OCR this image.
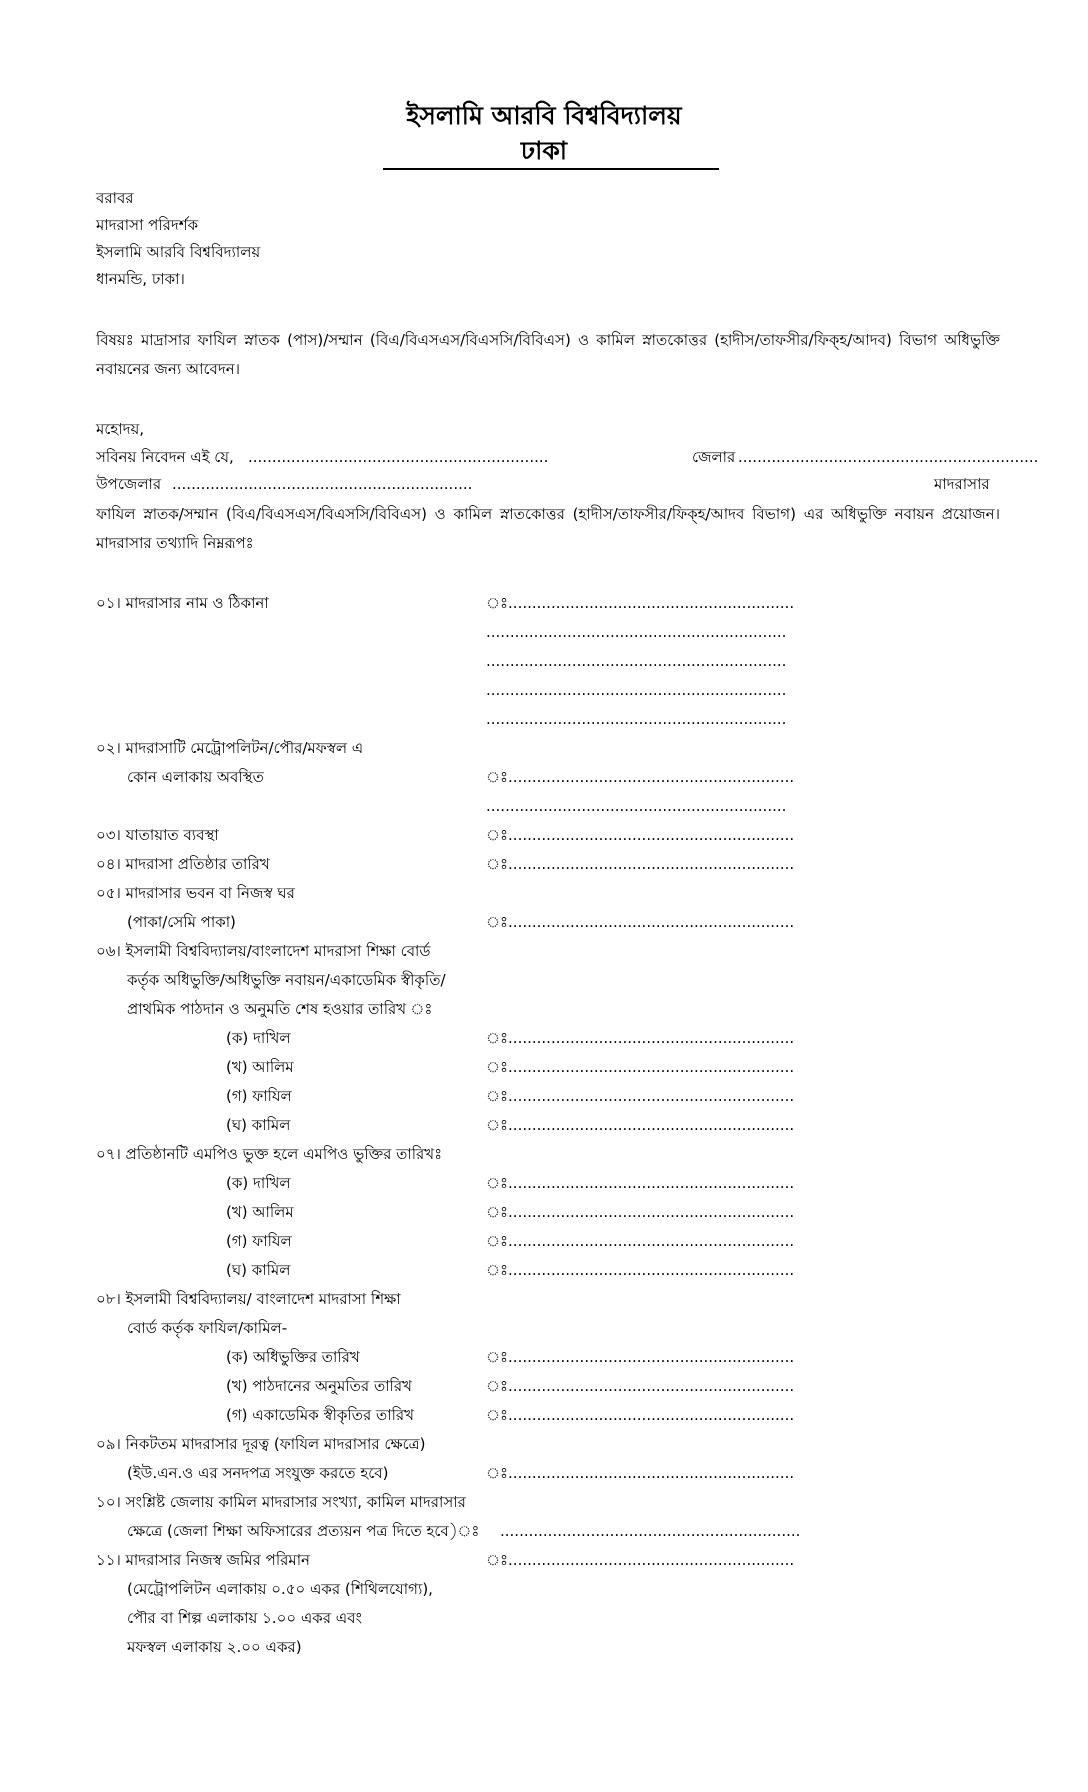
ইসলামি আরবি বিশ্ববিদ্যালয়
ঢাকা
বরাবর
মাদরাসা পরিদর্শক
ইসলামি আরবি বিশ্ববিদ্যালয়
ধানমন্ডি, ঢাকা।
বিষয়ঃ মাদ্রাসার ফাযিল স্নাতক (পাস)/সম্মান (বিএ/বিএসএস/বিএসসি/বিবিএস) ও কামিল স্নাতকোত্তর (হাদীস/তাফসীর/ফিক্‌হ/আদব) বিভাগ অধিভুক্তি নবায়নের জন্য আবেদন।
মহোদয়,
সবিনয় নিবেদন এই যে, ...............................................................	জেলার ...............................................................
উপজেলার ...............................................................	মাদরাসার
ফাযিল স্নাতক/সম্মান (বিএ/বিএসএস/বিএসসি/বিবিএস) ও কামিল স্নাতকোত্তর (হাদীস/তাফসীর/ফিক্‌হ/আদব বিভাগ) এর অধিভুক্তি নবায়ন প্রয়োজন। মাদরাসার তথ্যাদি নিম্নরূপঃ
০১। মাদরাসার নাম ও ঠিকানা	ঃ............................................................
...............................................................
...............................................................
...............................................................
...............................................................
০২। মাদরাসাটি মেট্রোপলিটন/পৌর/মফস্বল এ
কোন এলাকায় অবস্থিত	ঃ............................................................
...............................................................
০৩। যাতায়াত ব্যবস্থা	ঃ............................................................
০৪। মাদরাসা প্রতিষ্ঠার তারিখ	ঃ............................................................
০৫। মাদরাসার ভবন বা নিজস্ব ঘর
(পাকা/সেমি পাকা)	ঃ............................................................
০৬। ইসলামী বিশ্ববিদ্যালয়/বাংলাদেশ মাদরাসা শিক্ষা বোর্ড
কর্তৃক অধিভুক্তি/অধিভুক্তি নবায়ন/একাডেমিক স্বীকৃতি/
প্রাথমিক পাঠদান ও অনুমতি শেষ হওয়ার তারিখ ঃ
(ক) দাখিল	ঃ............................................................
(খ) আলিম	ঃ............................................................
(গ) ফাযিল	ঃ............................................................
(ঘ) কামিল	ঃ............................................................
০৭। প্রতিষ্ঠানটি এমপিও ভুক্ত হলে এমপিও ভুক্তির তারিখঃ
(ক) দাখিল	ঃ............................................................
(খ) আলিম	ঃ............................................................
(গ) ফাযিল	ঃ............................................................
(ঘ) কামিল	ঃ............................................................
০৮। ইসলামী বিশ্ববিদ্যালয়/ বাংলাদেশ মাদরাসা শিক্ষা
বোর্ড কর্তৃক ফাযিল/কামিল-
(ক) অধিভুক্তির তারিখ	ঃ............................................................
(খ) পাঠদানের অনুমতির তারিখ	ঃ............................................................
(গ) একাডেমিক স্বীকৃতির তারিখ	ঃ............................................................
০৯। নিকটতম মাদরাসার দূরত্ব (ফাযিল মাদরাসার ক্ষেত্রে)
(ইউ.এন.ও এর সনদপত্র সংযুক্ত করতে হবে)	ঃ............................................................
১০। সংশ্লিষ্ট জেলায় কামিল মাদরাসার সংখ্যা, কামিল মাদরাসার
ক্ষেত্রে (জেলা শিক্ষা অফিসারের প্রত্যয়ন পত্র দিতে হবে)ঃ ...............................................................
১১। মাদরাসার নিজস্ব জমির পরিমান	ঃ............................................................
(মেট্রোপলিটন এলাকায় ০.৫০ একর (শিথিলযোগ্য),
পৌর বা শিল্প এলাকায় ১.০০ একর এবং
মফস্বল এলাকায় ২.০০ একর)
